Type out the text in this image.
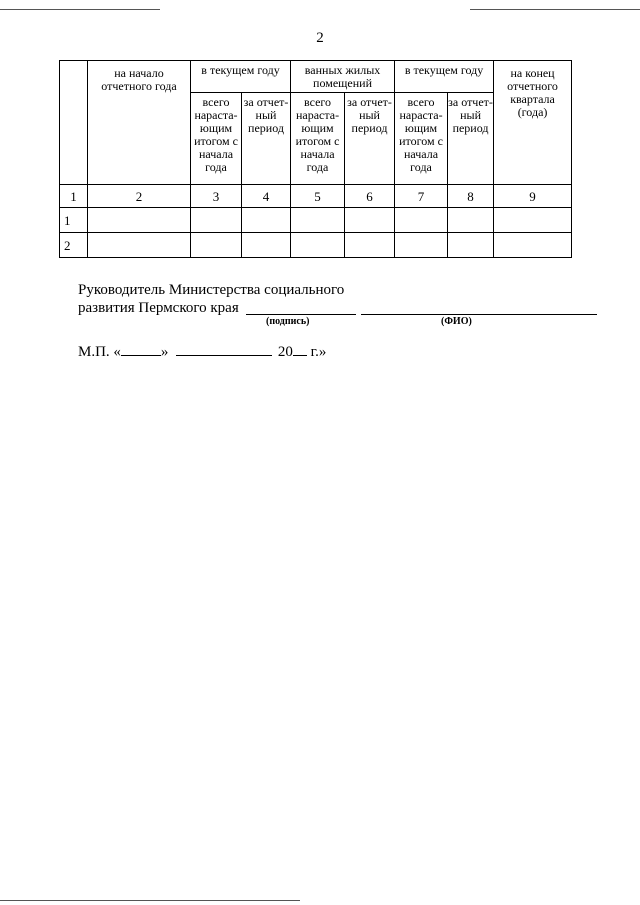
2
	на начало отчетного года	в текущем году		ванных жилых помещений		в текущем году		на конец отчетного квартала (года)
		всего нараста-ющим итогом с начала года	за отчет-ный период	всего нараста-ющим итогом с начала года	за отчет-ный период	всего нараста-ющим итогом с начала года	за отчет-ный период	
1	2	3	4	5	6	7	8	9
1								
2								
Руководитель Министерства социального
развития Пермского края
(подпись)	(ФИО)
М.П. «	»	20 г.»
